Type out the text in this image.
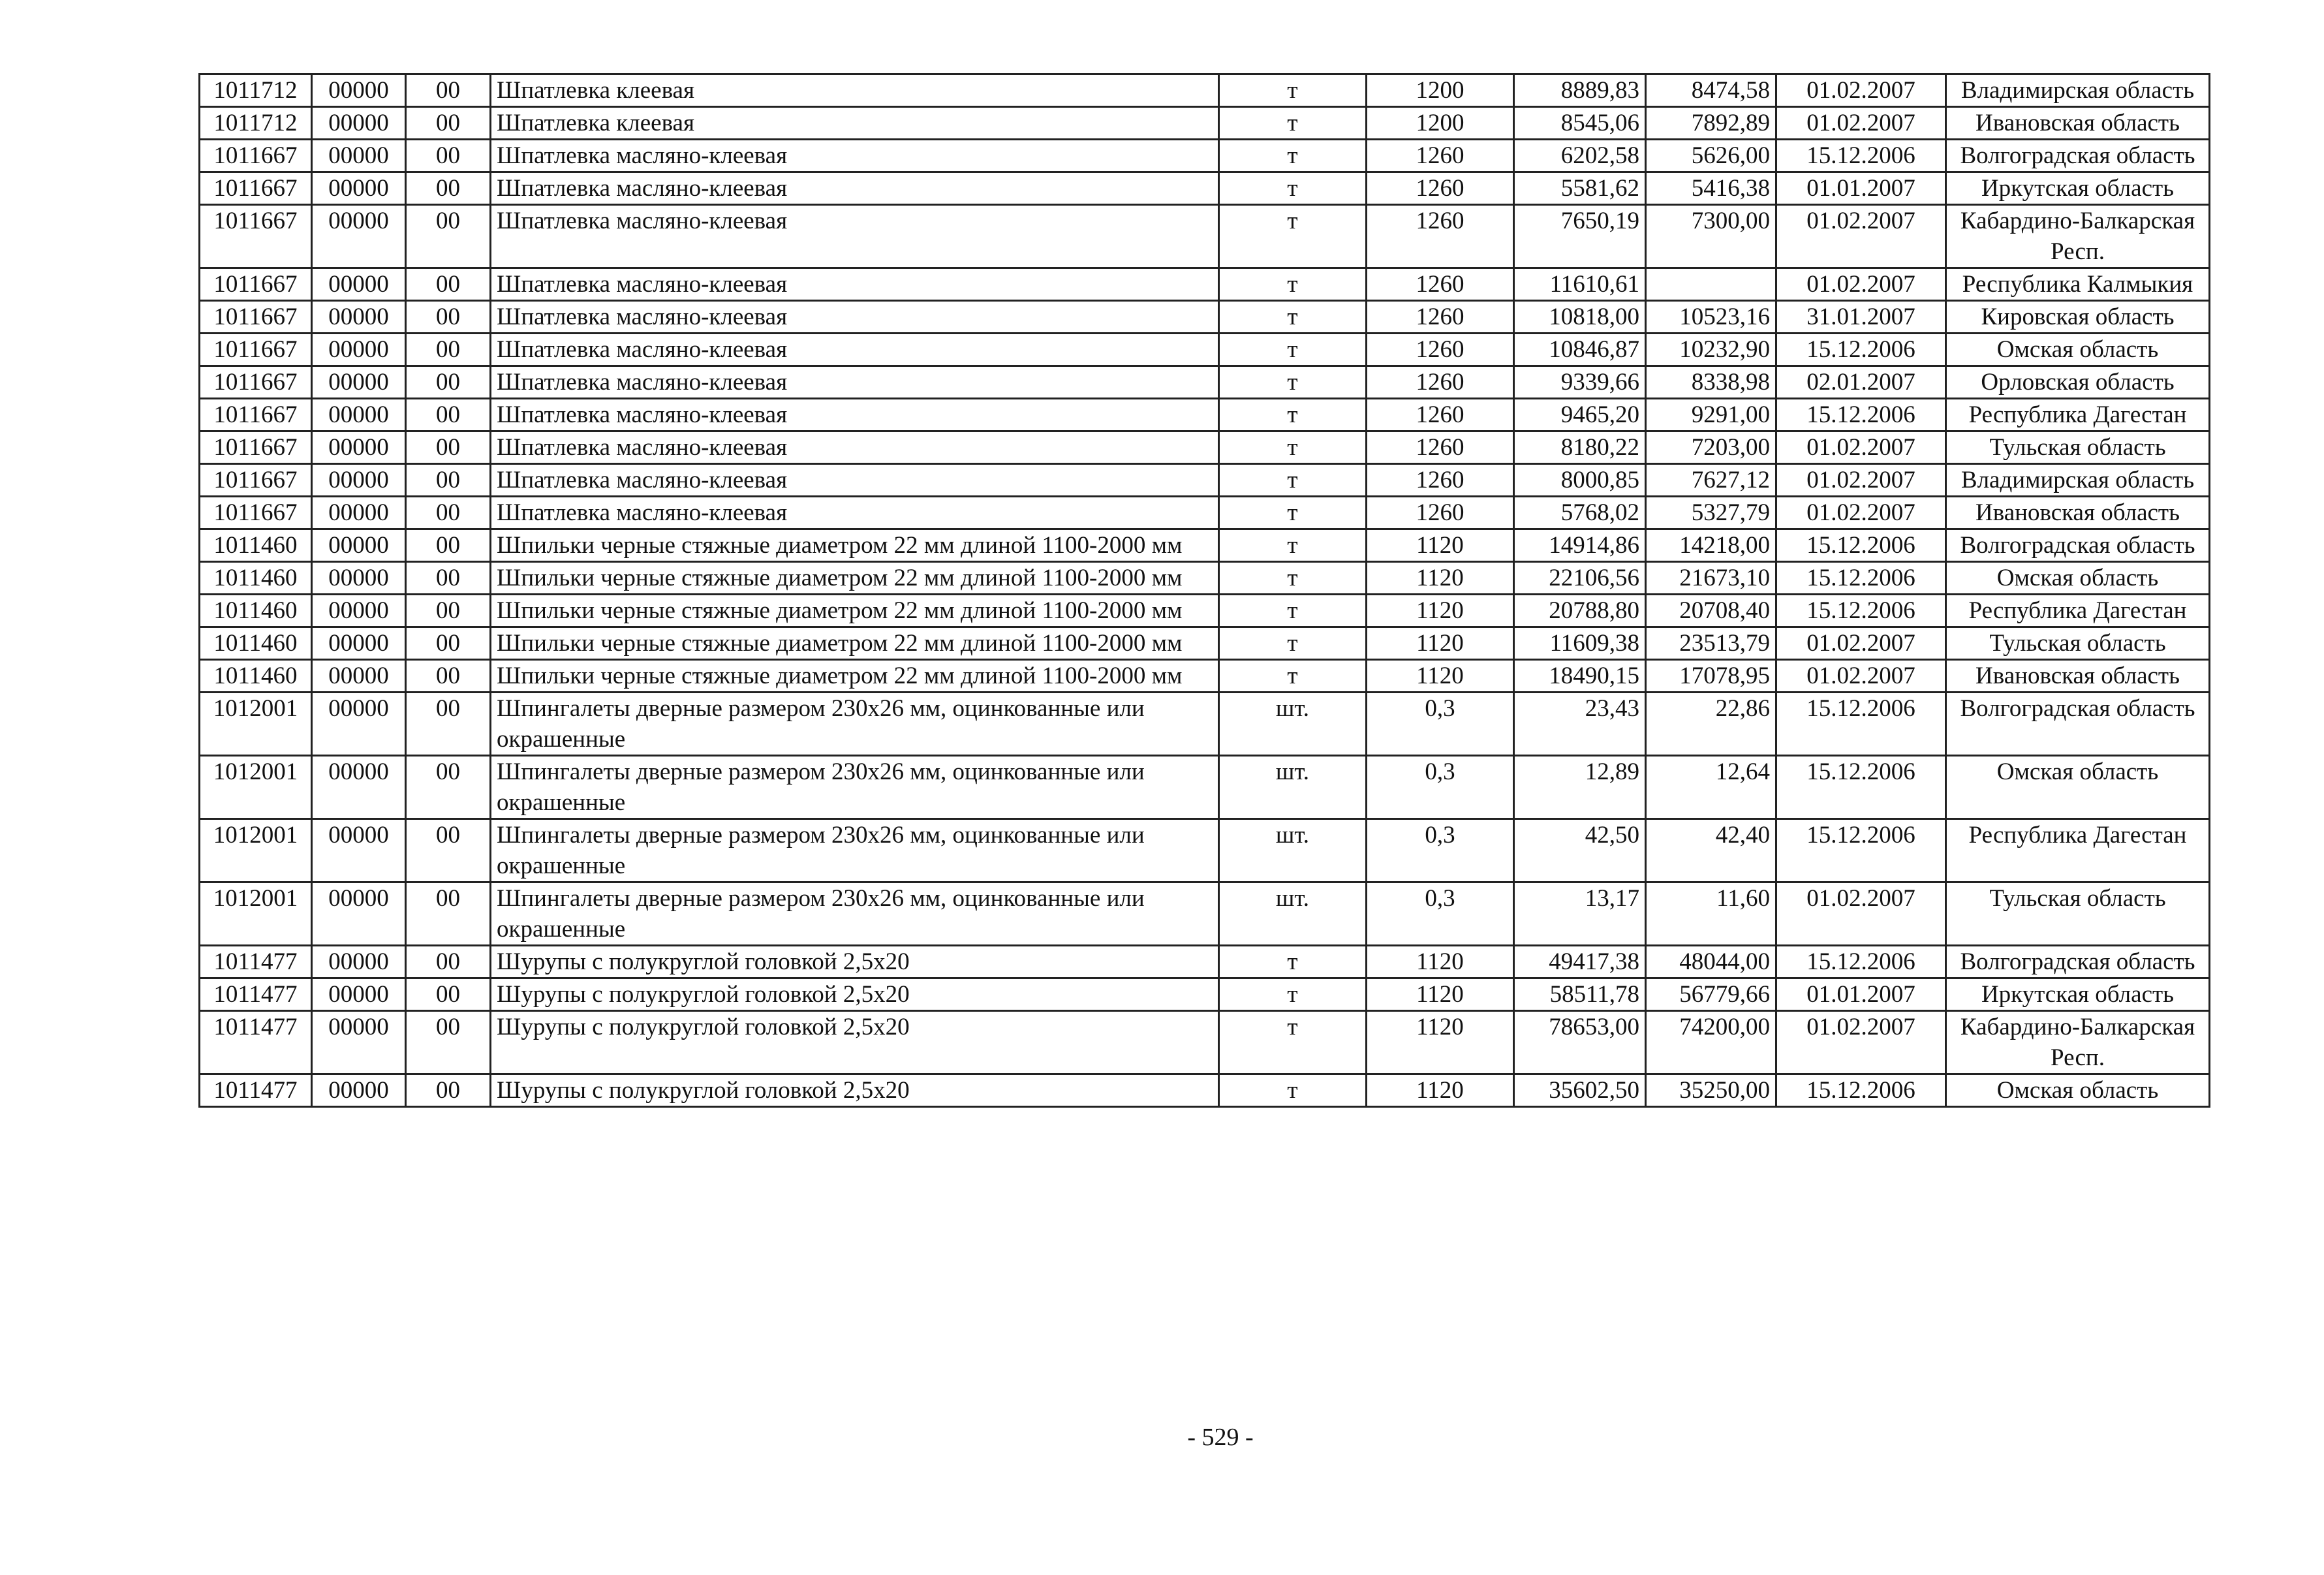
1011712	00000	00	Шпатлевка клеевая	т	1200	8889,83	8474,58	01.02.2007	Владимирская область
1011712	00000	00	Шпатлевка клеевая	т	1200	8545,06	7892,89	01.02.2007	Ивановская область
1011667	00000	00	Шпатлевка масляно-клеевая	т	1260	6202,58	5626,00	15.12.2006	Волгоградская область
1011667	00000	00	Шпатлевка масляно-клеевая	т	1260	5581,62	5416,38	01.01.2007	Иркутская область
1011667	00000	00	Шпатлевка масляно-клеевая	т	1260	7650,19	7300,00	01.02.2007	Кабардино-Балкарская Респ.
1011667	00000	00	Шпатлевка масляно-клеевая	т	1260	11610,61		01.02.2007	Республика Калмыкия
1011667	00000	00	Шпатлевка масляно-клеевая	т	1260	10818,00	10523,16	31.01.2007	Кировская область
1011667	00000	00	Шпатлевка масляно-клеевая	т	1260	10846,87	10232,90	15.12.2006	Омская область
1011667	00000	00	Шпатлевка масляно-клеевая	т	1260	9339,66	8338,98	02.01.2007	Орловская область
1011667	00000	00	Шпатлевка масляно-клеевая	т	1260	9465,20	9291,00	15.12.2006	Республика Дагестан
1011667	00000	00	Шпатлевка масляно-клеевая	т	1260	8180,22	7203,00	01.02.2007	Тульская область
1011667	00000	00	Шпатлевка масляно-клеевая	т	1260	8000,85	7627,12	01.02.2007	Владимирская область
1011667	00000	00	Шпатлевка масляно-клеевая	т	1260	5768,02	5327,79	01.02.2007	Ивановская область
1011460	00000	00	Шпильки черные стяжные диаметром 22 мм длиной 1100-2000 мм	т	1120	14914,86	14218,00	15.12.2006	Волгоградская область
1011460	00000	00	Шпильки черные стяжные диаметром 22 мм длиной 1100-2000 мм	т	1120	22106,56	21673,10	15.12.2006	Омская область
1011460	00000	00	Шпильки черные стяжные диаметром 22 мм длиной 1100-2000 мм	т	1120	20788,80	20708,40	15.12.2006	Республика Дагестан
1011460	00000	00	Шпильки черные стяжные диаметром 22 мм длиной 1100-2000 мм	т	1120	11609,38	23513,79	01.02.2007	Тульская область
1011460	00000	00	Шпильки черные стяжные диаметром 22 мм длиной 1100-2000 мм	т	1120	18490,15	17078,95	01.02.2007	Ивановская область
1012001	00000	00	Шпингалеты дверные размером 230х26 мм, оцинкованные или окрашенные	шт.	0,3	23,43	22,86	15.12.2006	Волгоградская область
1012001	00000	00	Шпингалеты дверные размером 230х26 мм, оцинкованные или окрашенные	шт.	0,3	12,89	12,64	15.12.2006	Омская область
1012001	00000	00	Шпингалеты дверные размером 230х26 мм, оцинкованные или окрашенные	шт.	0,3	42,50	42,40	15.12.2006	Республика Дагестан
1012001	00000	00	Шпингалеты дверные размером 230х26 мм, оцинкованные или окрашенные	шт.	0,3	13,17	11,60	01.02.2007	Тульская область
1011477	00000	00	Шурупы с полукруглой головкой 2,5х20	т	1120	49417,38	48044,00	15.12.2006	Волгоградская область
1011477	00000	00	Шурупы с полукруглой головкой 2,5х20	т	1120	58511,78	56779,66	01.01.2007	Иркутская область
1011477	00000	00	Шурупы с полукруглой головкой 2,5х20	т	1120	78653,00	74200,00	01.02.2007	Кабардино-Балкарская Респ.
1011477	00000	00	Шурупы с полукруглой головкой 2,5х20	т	1120	35602,50	35250,00	15.12.2006	Омская область
- 529 -
